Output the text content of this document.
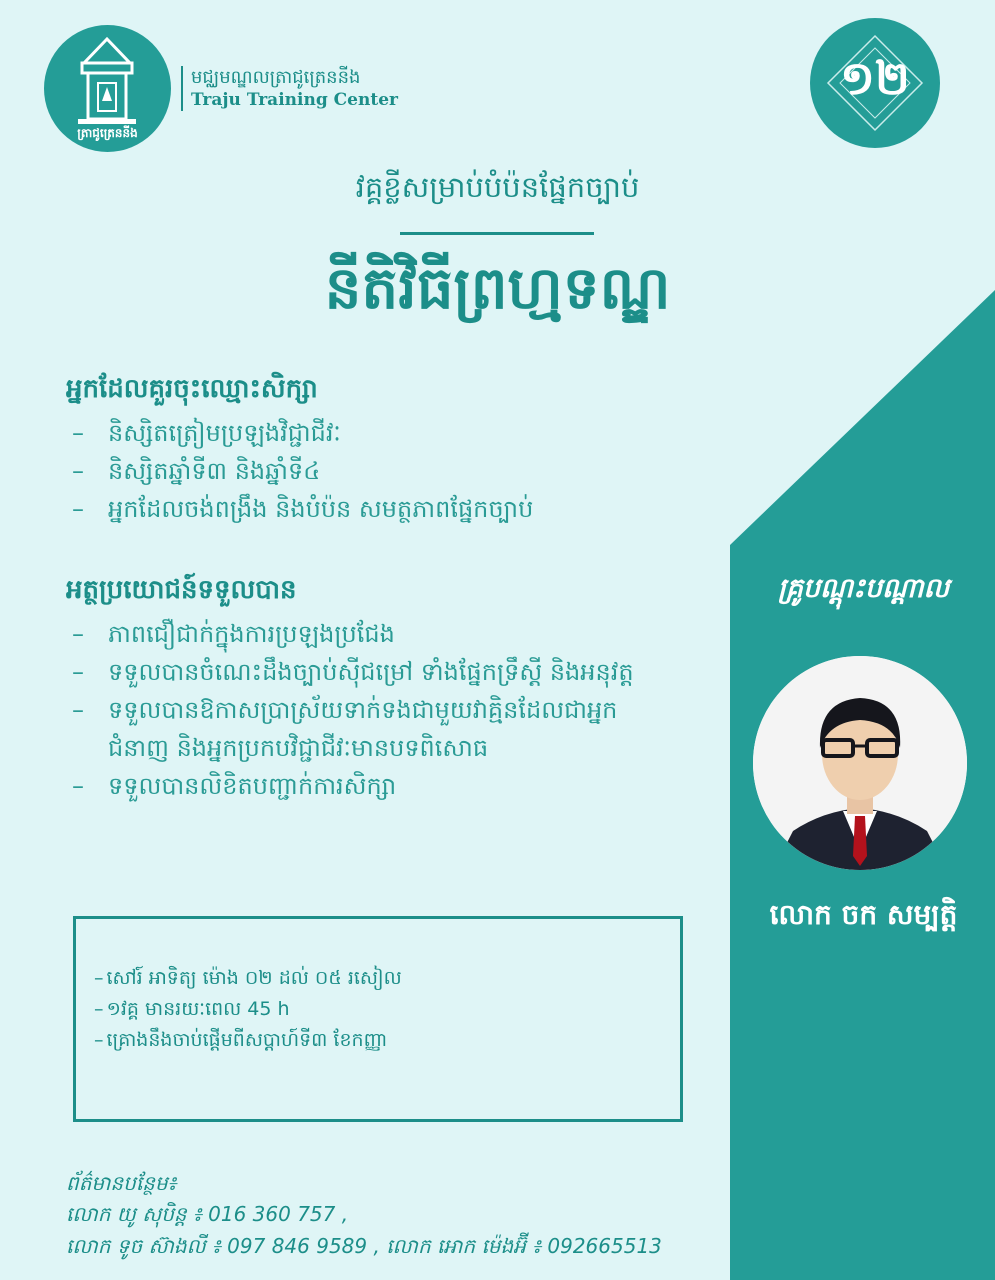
ត្រាជូត្រេននីង
មជ្ឈមណ្ឌលត្រាជូត្រេននីង
Traju Training Center	១២
វគ្គខ្លីសម្រាប់បំប៉នផ្នែកច្បាប់
នីតិវិធីព្រហ្មទណ្ឌ
អ្នកដែលគួរចុះឈ្មោះសិក្សា
– និស្សិតត្រៀមប្រឡងវិជ្ជាជីវៈ
– និស្សិតឆ្នាំទី៣ និងឆ្នាំទី៤
– អ្នកដែលចង់ពង្រឹង និងបំប៉ន សមត្ថភាពផ្នែកច្បាប់
អត្ថប្រយោជន៍ទទួលបាន
– ភាពជឿជាក់ក្នុងការប្រឡងប្រជែង
– ទទួលបានចំណេះដឹងច្បាប់ស៊ីជម្រៅ ទាំងផ្នែកទ្រឹស្តី និងអនុវត្ត
– ទទួលបានឱកាសប្រាស្រ័យទាក់ទងជាមួយវាគ្មិនដែលជាអ្នកជំនាញ និងអ្នកប្រកបវិជ្ជាជីវៈមានបទពិសោធ
– ទទួលបានលិខិតបញ្ជាក់ការសិក្សា
– សៅរ៍ អាទិត្យ ម៉ោង ០២ ដល់ ០៥ រសៀល
– ១វគ្គ មានរយៈពេល 45 h
– គ្រោងនឹងចាប់ផ្តើមពីសប្តាហ៍ទី៣ ខែកញ្ញា
គ្រូបណ្តុះបណ្តាល
លោក ចក សម្បត្តិ
ព័ត៌មានបន្ថែម៖
លោក យូ សុបិន្ត ៖ 016 360 757 ,
លោក ទូច ស៊ាងលី ៖ 097 846 9589 , លោក អោក ម៉េងអ៊ី ៖ 092665513
